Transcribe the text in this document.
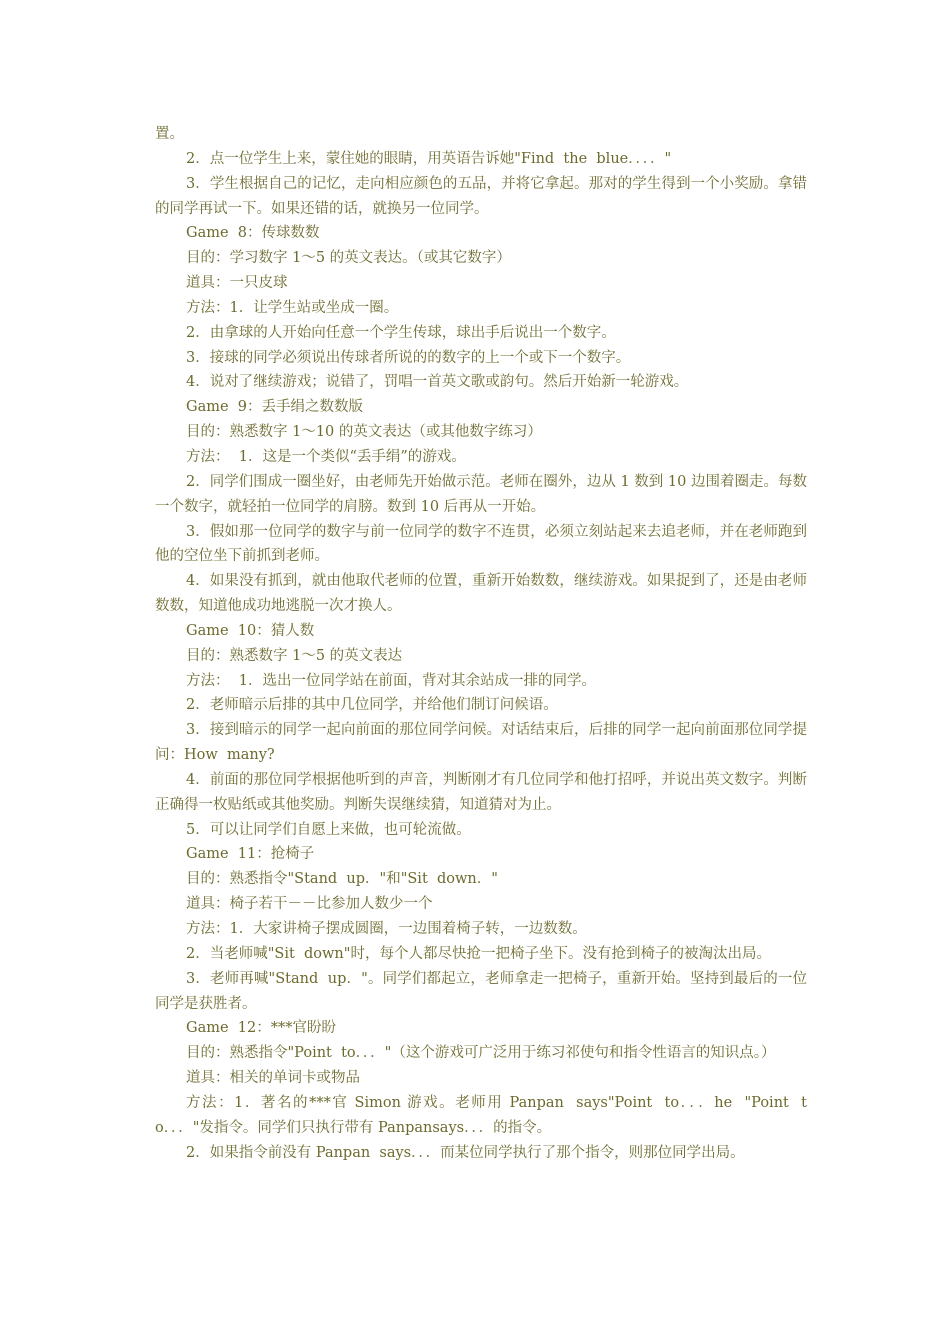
置。

2．点一位学生上来，蒙住她的眼睛，用英语告诉她"Find  the  blue．．．．"

3．学生根据自己的记忆，走向相应颜色的五品，并将它拿起。那对的学生得到一个小奖励。拿错的同学再试一下。如果还错的话，就换另一位同学。

Game  8：传球数数

目的：学习数字 1～5 的英文表达。（或其它数字）

道具：一只皮球

方法：1．让学生站或坐成一圈。

2．由拿球的人开始向任意一个学生传球，球出手后说出一个数字。

3．接球的同学必须说出传球者所说的的数字的上一个或下一个数字。

4．说对了继续游戏；说错了，罚唱一首英文歌或韵句。然后开始新一轮游戏。

Game  9：丢手绢之数数版

目的：熟悉数字 1～10 的英文表达（或其他数字练习）

方法：  1．这是一个类似“丢手绢”的游戏。

2．同学们围成一圈坐好，由老师先开始做示范。老师在圈外，边从 1 数到 10 边围着圈走。每数一个数字，就轻拍一位同学的肩膀。数到 10 后再从一开始。

3．假如那一位同学的数字与前一位同学的数字不连贯，必须立刻站起来去追老师，并在老师跑到他的空位坐下前抓到老师。

4．如果没有抓到，就由他取代老师的位置，重新开始数数，继续游戏。如果捉到了，还是由老师数数，知道他成功地逃脱一次才换人。

Game  10：猜人数

目的：熟悉数字 1～5 的英文表达

方法：  1．选出一位同学站在前面，背对其余站成一排的同学。

2．老师暗示后排的其中几位同学，并给他们制订问候语。

3．接到暗示的同学一起向前面的那位同学问候。对话结束后，后排的同学一起向前面那位同学提问：How  many?

4．前面的那位同学根据他听到的声音，判断刚才有几位同学和他打招呼，并说出英文数字。判断正确得一枚贴纸或其他奖励。判断失误继续猜，知道猜对为止。

5．可以让同学们自愿上来做，也可轮流做。

Game  11：抢椅子

目的：熟悉指令"Stand  up．"和"Sit  down．"

道具：椅子若干－－比参加人数少一个

方法：1．大家讲椅子摆成圆圈，一边围着椅子转，一边数数。

2．当老师喊"Sit  down"时，每个人都尽快抢一把椅子坐下。没有抢到椅子的被淘汰出局。

3．老师再喊"Stand  up．"。同学们都起立，老师拿走一把椅子，重新开始。坚持到最后的一位同学是获胜者。

Game  12：***官盼盼

目的：熟悉指令"Point  to．．．"（这个游戏可广泛用于练习祁使句和指令性语言的知识点。）

道具：相关的单词卡或物品

方法：1．著名的***官 Simon 游戏。老师用 Panpan  says"Point  to．．．he  "Point  to．．．"发指令。同学们只执行带有 Panpansays．．．的指令。

2．如果指令前没有 Panpan  says．．．而某位同学执行了那个指令，则那位同学出局。
